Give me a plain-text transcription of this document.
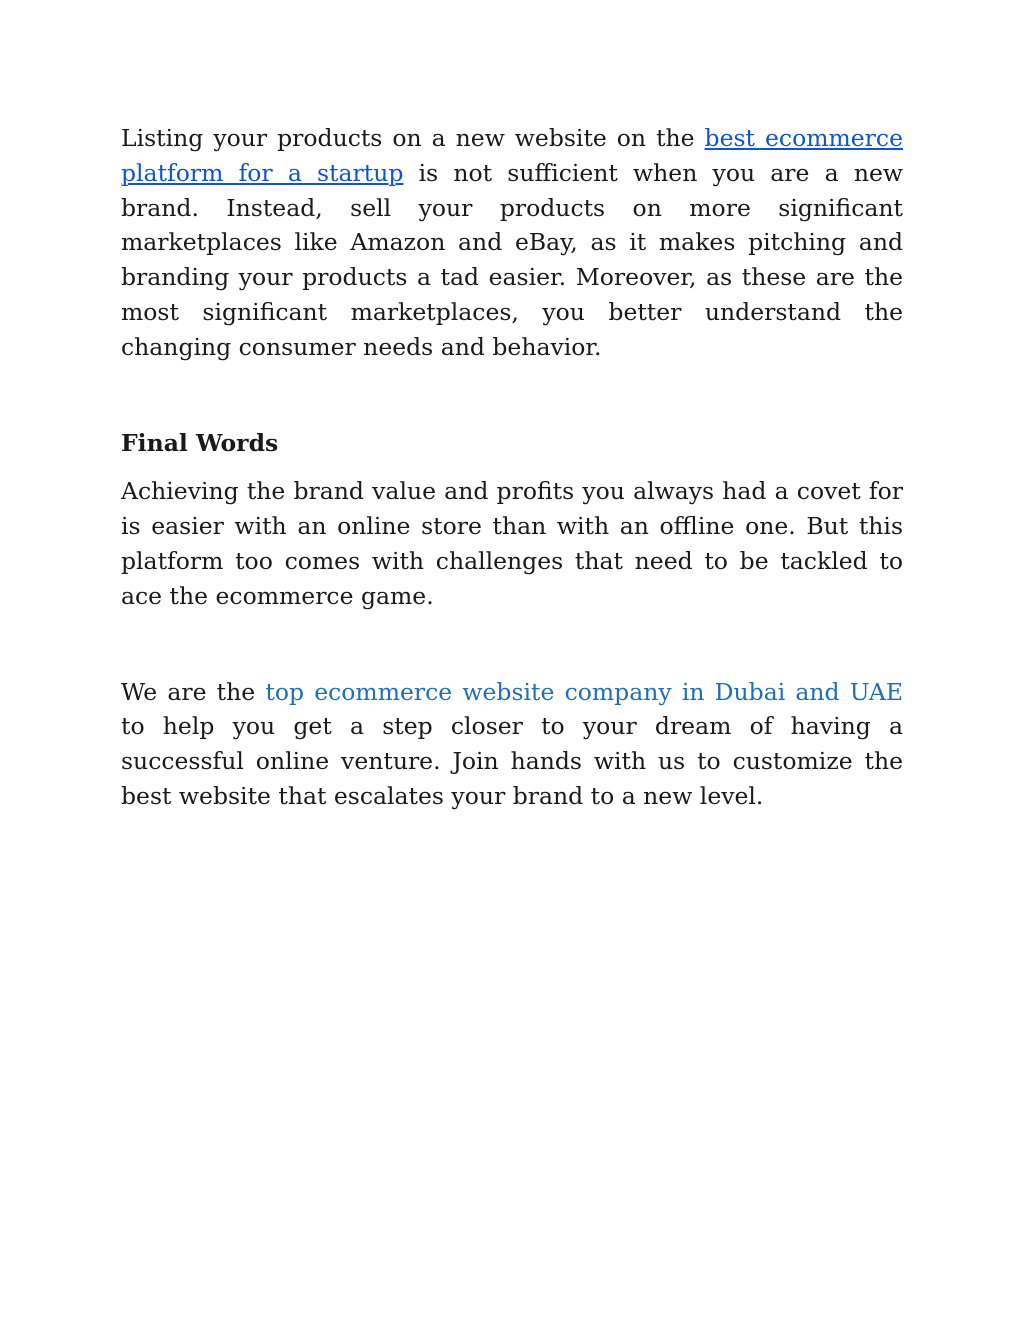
Listing your products on a new website on the best ecommerce platform for a startup is not sufficient when you are a new brand. Instead, sell your products on more significant marketplaces like Amazon and eBay, as it makes pitching and branding your products a tad easier. Moreover, as these are the most significant marketplaces, you better understand the changing consumer needs and behavior.

Final Words

Achieving the brand value and profits you always had a covet for is easier with an online store than with an offline one. But this platform too comes with challenges that need to be tackled to ace the ecommerce game.

We are the top ecommerce website company in Dubai and UAE to help you get a step closer to your dream of having a successful online venture. Join hands with us to customize the best website that escalates your brand to a new level.
